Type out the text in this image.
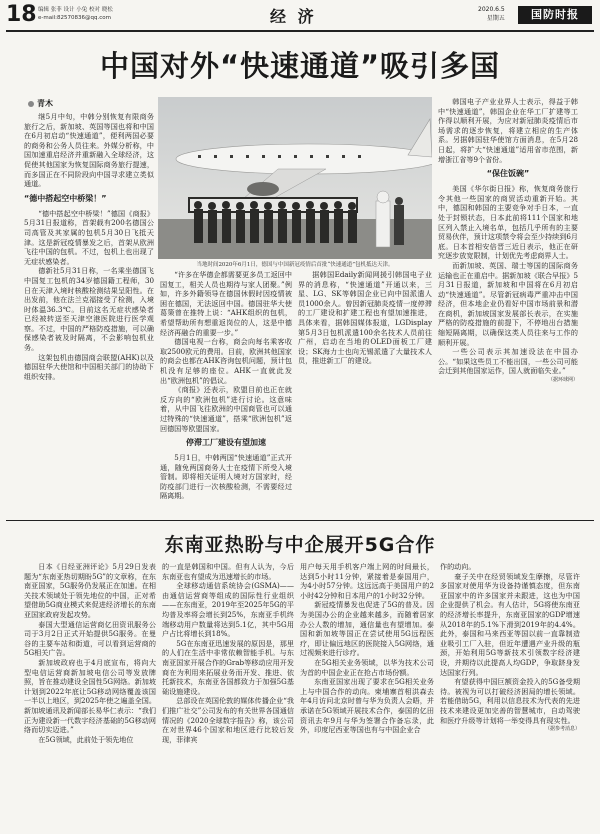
18 编辑 张菲 设计 小兔 校对 晓松
e-mail:82570836@qq.com	经 济	2020.6.5
星期五	国防时报
中国对外“快速通道”吸引多国
青木

继5月中旬，中韩分别恢复有限商务旅行之后，新加坡、英国等国也将和中国在6月初启动“快速通道”，便利两国必要的商务和公务人员往来。外媒分析称，中国加速重启经济并重新融入全球经济，这促使其他国家为恢复国际商务旅行提速，而多国正在不同阶段向中国寻求建立类似通道。

“德中搭起空中桥梁！”

“德中搭起空中桥梁！”德国《商报》5月31日报道称，首架载有200名德国公司高管及其家属的包机5月30日飞抵天津。这是新冠疫情暴发之后，首架从欧洲飞往中国的包机。不过，包机上也出现了无症状感染者。

德新社5月31日称，一名乘坐德国飞中国复工包机的34岁德国籍工程师，30日在天津入境时核酸检测结果呈阳性。在出发前，他在法兰克福接受了检测，入境时体温36.3℃。目前这名无症状感染者已经被转送至天津空港医院进行医学观察。不过，中国的严格防疫措施，可以确保感染者被及时隔离，不会影响包机业务。

这架包机由德国商会联盟(AHK)以及德国驻华大使馆和中国相关部门的协助下组织安排。

当地时间2020年6月1日，德国与中国新冠疫情后首批“快速通道”包机抵达天津。

“许多在华德企都需要更多员工返回中国复工，相关人员也期待与家人团聚。”例如，许多外籍领导在德国休假时因疫情被困在德国，无法返回中国。德国驻华大使葛策曾在推特上说：“AHK组织的包机，希望帮助所有想重返岗位的人，这是中德经济再融合的重要一步。”

德国电视一台称，商会向每名乘客收取2500欧元的费用。目前，欧洲其他国家的商会也都在AHK咨询包机问题，预计包机没有足够的座位。AHK一直就此发出“欧洲包机”的倡议。

《商报》还表示，欧盟目前也正在就反方向的“欧洲包机”进行讨论。这意味着，从中国飞往欧洲的中国商管也可以通过特殊的“快速通道”，搭乘“欧洲包机”返回德国等欧盟国家。

停滞工厂建设有望加速

5月1日，中韩两国“快速通道”正式开通，随免两国商务人士在疫情下所受入境管制。即将相关证明人境对方国家时，经防疫部门进行一次核酸检测，不需要经过隔离期。

据韩国Edaily新闻网援引韩国电子业界的消息称，“快速通道”开通以来，三星、LG、SK等韩国企业已向中国派遣人员1000余人。曾因新冠肺炎疫情一度停滞的工厂建设和扩建工程也有望加速推进，具体来看，据韩国媒体报道，LGDisplay第5月3日包机派遣100余名技术人员前往广州，启动在当地的OLED面板工厂建设；SK海力士也向无锡派遣了大量技术人员，推进新工厂的建设。

韩国电子产业业界人士表示，得益于韩中“快速通道”，韩国企业在华工厂扩建等工作得以顺利开展，为应对新冠肺炎疫情后市场需求的逐步恢复，将建立相应的生产体系。另据韩国驻华使馆方面消息，在5月28日起，将扩大“快速通道”适用省市范围，新增浙江省等9个省份。

“保住饭碗”

美国《华尔街日报》称，恢复商务旅行令其他一些国家的商贸活动重新开始。其中，德国和韩国的主要竞争对手日本，一直处于封锁状态，日本此前将111个国家和地区列入禁止入境名单，包括几乎所有的主要贸易伙伴，预计这项禁令将会至少持续到6月底。日本首相安倍晋三近日表示，他正在研究逐步放宽限制，计划优先考虑商界人士。

而新加坡、英国、瑞士等国的国际商务运输也正在重启中。据新加坡《联合早报》5月31日报道，新加坡和中国将在6月初启动“快速通道”。尽管新冠病毒严重冲击中国经济，但本地企业仍看好中国市场前景和潜在商机，新加坡国家发展部长表示，在实施严格的防疫措施的前提下，不停地出台措施缩短隔离期，以确保这类人员往来与工作的顺利开展。

一些公司表示其加速设法在中国办公。“如果这些员工不能出国，一些公司可能会迁到其他国家运作，国人就面临失业。”

（据环球网）
东南亚热盼与中企展开5G合作

日本《日经亚洲评论》5月29日发表题为“东南亚热切期盼5G”的文章称，在东南亚国家，5G服务仍发展正在加速。在相关技术领域处于领先地位的中国，正对希望借助5G商业模式来促进经济增长的东南亚国家政府发起攻势。

泰国大型通信运营商亿田资讯服务公司于3月2日正式开始提供5G服务。在曼谷的主要车站和街道，可以看到运营商的5G相关广告。

新加坡政府也于4月底宣布，将向大型电信运营商新加坡电信公司等发放牌照，旨在推动建设全国性5G网络。新加坡计划到2022年底让5G移动网络覆盖该国一半以上地区，到2025年使之遍盖全国。新加坡通讯及新闻部长易华仁表示：“我们正为建设新一代数字经济基础的5G移动网络而切实迈进。”

在5G领域，此前处于领先地位

的一直是韩国和中国。但有人认为，今后东南亚也有望成为迅速增长的市场。

全球移动通信系统协会(GSMA)——由通信运营商等组成的国际性行业组织——在东南亚，2019年至2025年5G的平均普及率将会增长到25%，东南亚手机终端移动用户数量将达到5.1亿，其中5G用户占比将增长到18%。

5G在东南亚迅速发展的原因是，那里的人们在生活中非常依赖智能手机。与东南亚国家开展合作的Grab等移动应用开发商在为利用来拓展业务而开发、推进、依托新技术，东南亚各国都致力于加强5G基础设施建设。

总部设在英国伦敦的媒体传播企业“我们推广社交”公司发布的有关世界各国通信情况的《2020全球数字报告》称，该公司在对世界46个国家和地区进行比较后发现，菲律宾

用户每天用手机客户端上网的时间最长，达到5小时11分钟，紧接着是泰国用户，为4小时57分钟。这远远高于美国用户的2小时42分钟和日本用户的1小时32分钟。

新冠疫情暴发也促进了5G的普及。因为美国办公的企业越来越多，而随着居家办公人数的增加，通信量也有望增加。泰国和新加坡等国正在尝试使用5G远程医疗，即让偏远地区的医院接入5G网络，通过视频来进行诊疗。

在5G相关业务领域，以华为技术公司为首的中国企业正在抢占市场份额。

东南亚国家出现了要求在5G相关业务上与中国合作的动向。柬埔寨首相洪森去年4月访问北京时曾与华为负责人会晤，并承诺在5G领域开展技术合作，泰国的亿田资讯去年9月与华为签署合作备忘录，此外，印度尼西亚等国也有与中国企业合

作的动向。

豪子关中在经贸领域发生摩擦，尽管许多国家对使用华为设备持谨慎态度，但东南亚国家中的许多国家并未跟进，这也为中国企业提供了机会。有人估计，5G将使东南亚的经济增长率提升，东南亚国家的GDP增速从2018年的5.1%下滑到2019年的4.4%。此外，泰国和马来西亚等国以前一直靠制造业吸引工厂入驻，但近年遭遇产业升级的瓶颈，开始利用5G等新技术引领数字经济建设，并期待以此提高人均GDP，争取跻身发达国家行列。

有望获得中国巨额资金投入的5G备受期待。被视为可以打破经济困局的增长领域。若能借助5G，利用以信息技术为代表的先进技术来建设更加完善的智慧城市，自动驾驶和医疗升级等计划将一举变得具有现实性。

（据参考消息）
